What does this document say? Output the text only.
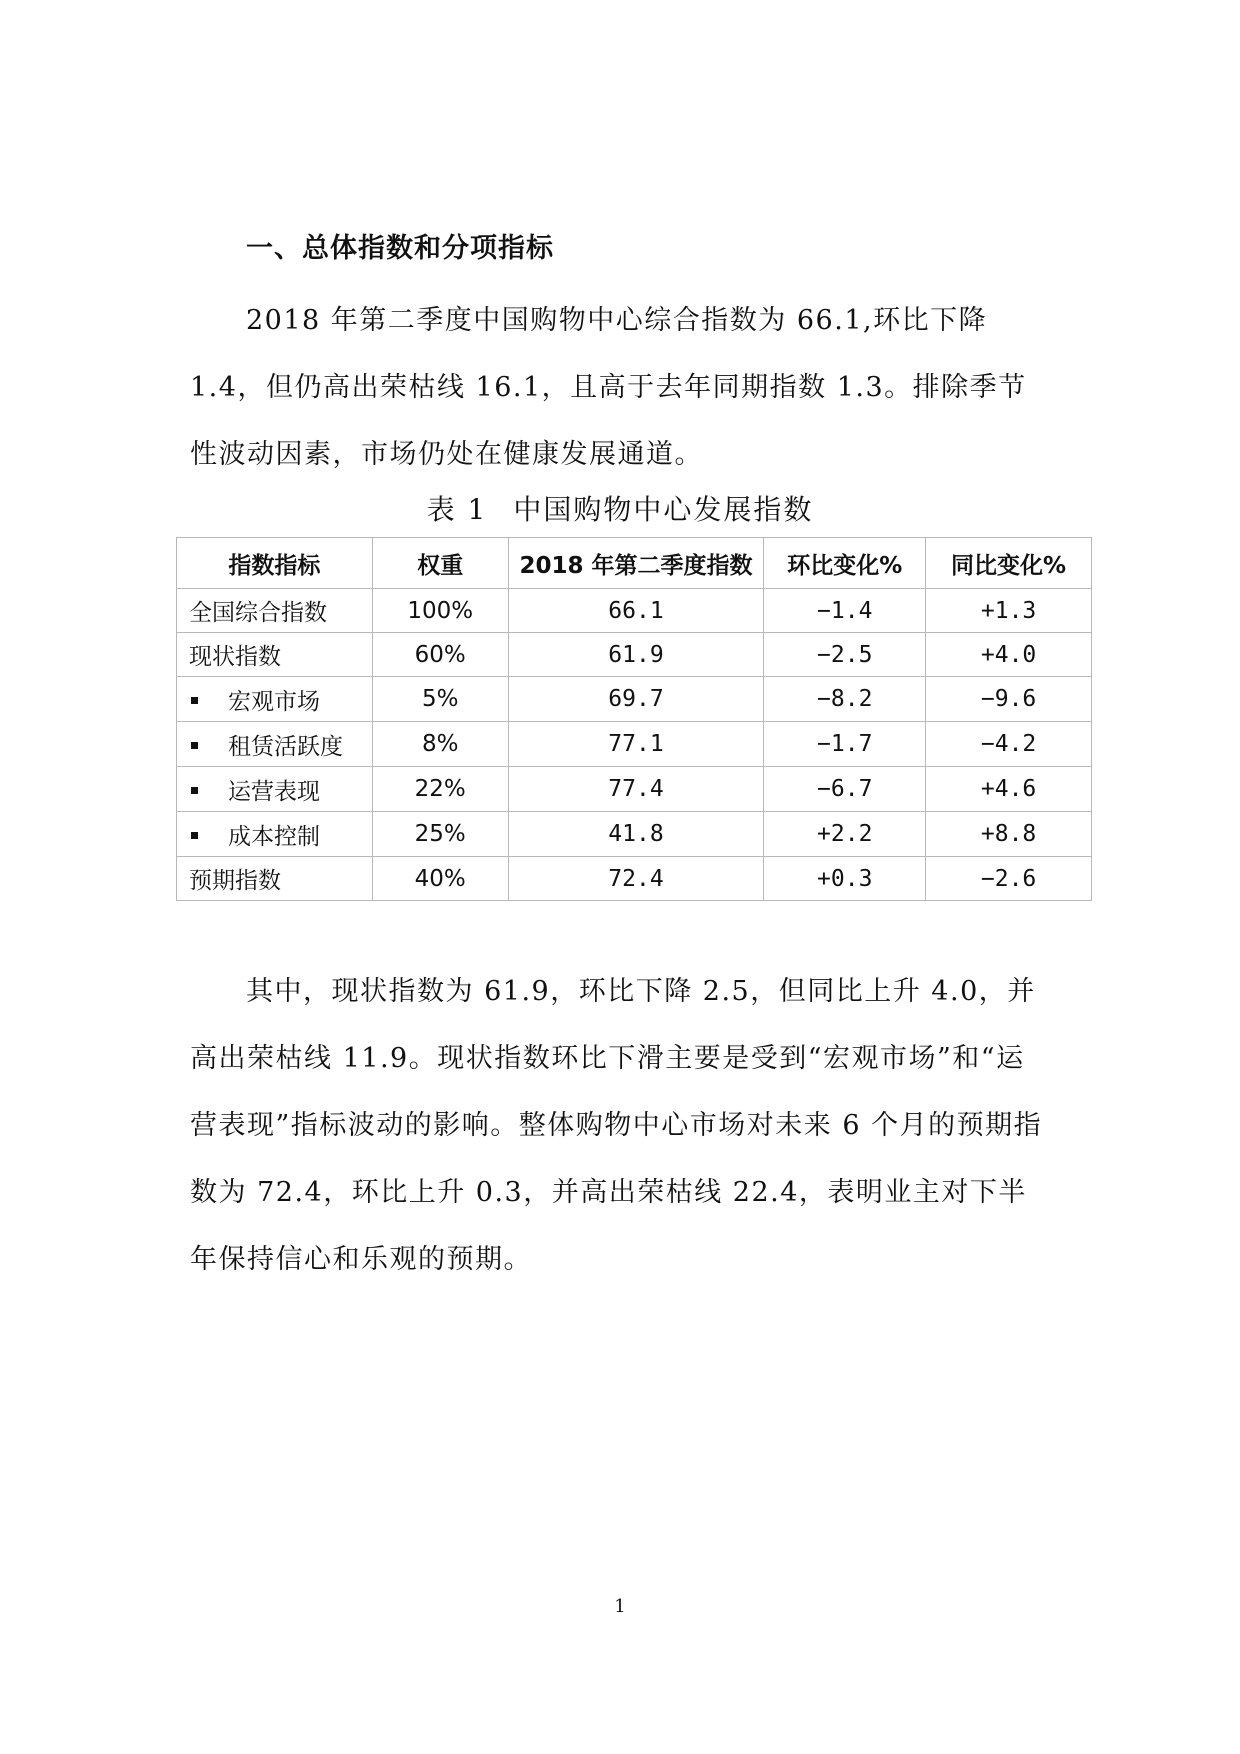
一、总体指数和分项指标

2018 年第二季度中国购物中心综合指数为 66.1,环比下降 1.4，但仍高出荣枯线 16.1，且高于去年同期指数 1.3。排除季节性波动因素，市场仍处在健康发展通道。

表 1 中国购物中心发展指数

指数指标	权重	2018 年第二季度指数	环比变化%	同比变化%
全国综合指数	100%	66.1	−1.4	+1.3
现状指数	60%	61.9	−2.5	+4.0
宏观市场	5%	69.7	−8.2	−9.6
租赁活跃度	8%	77.1	−1.7	−4.2
运营表现	22%	77.4	−6.7	+4.6
成本控制	25%	41.8	+2.2	+8.8
预期指数	40%	72.4	+0.3	−2.6

其中，现状指数为 61.9，环比下降 2.5，但同比上升 4.0，并高出荣枯线 11.9。现状指数环比下滑主要是受到“宏观市场”和“运营表现”指标波动的影响。整体购物中心市场对未来 6 个月的预期指数为 72.4，环比上升 0.3，并高出荣枯线 22.4，表明业主对下半年保持信心和乐观的预期。

1
